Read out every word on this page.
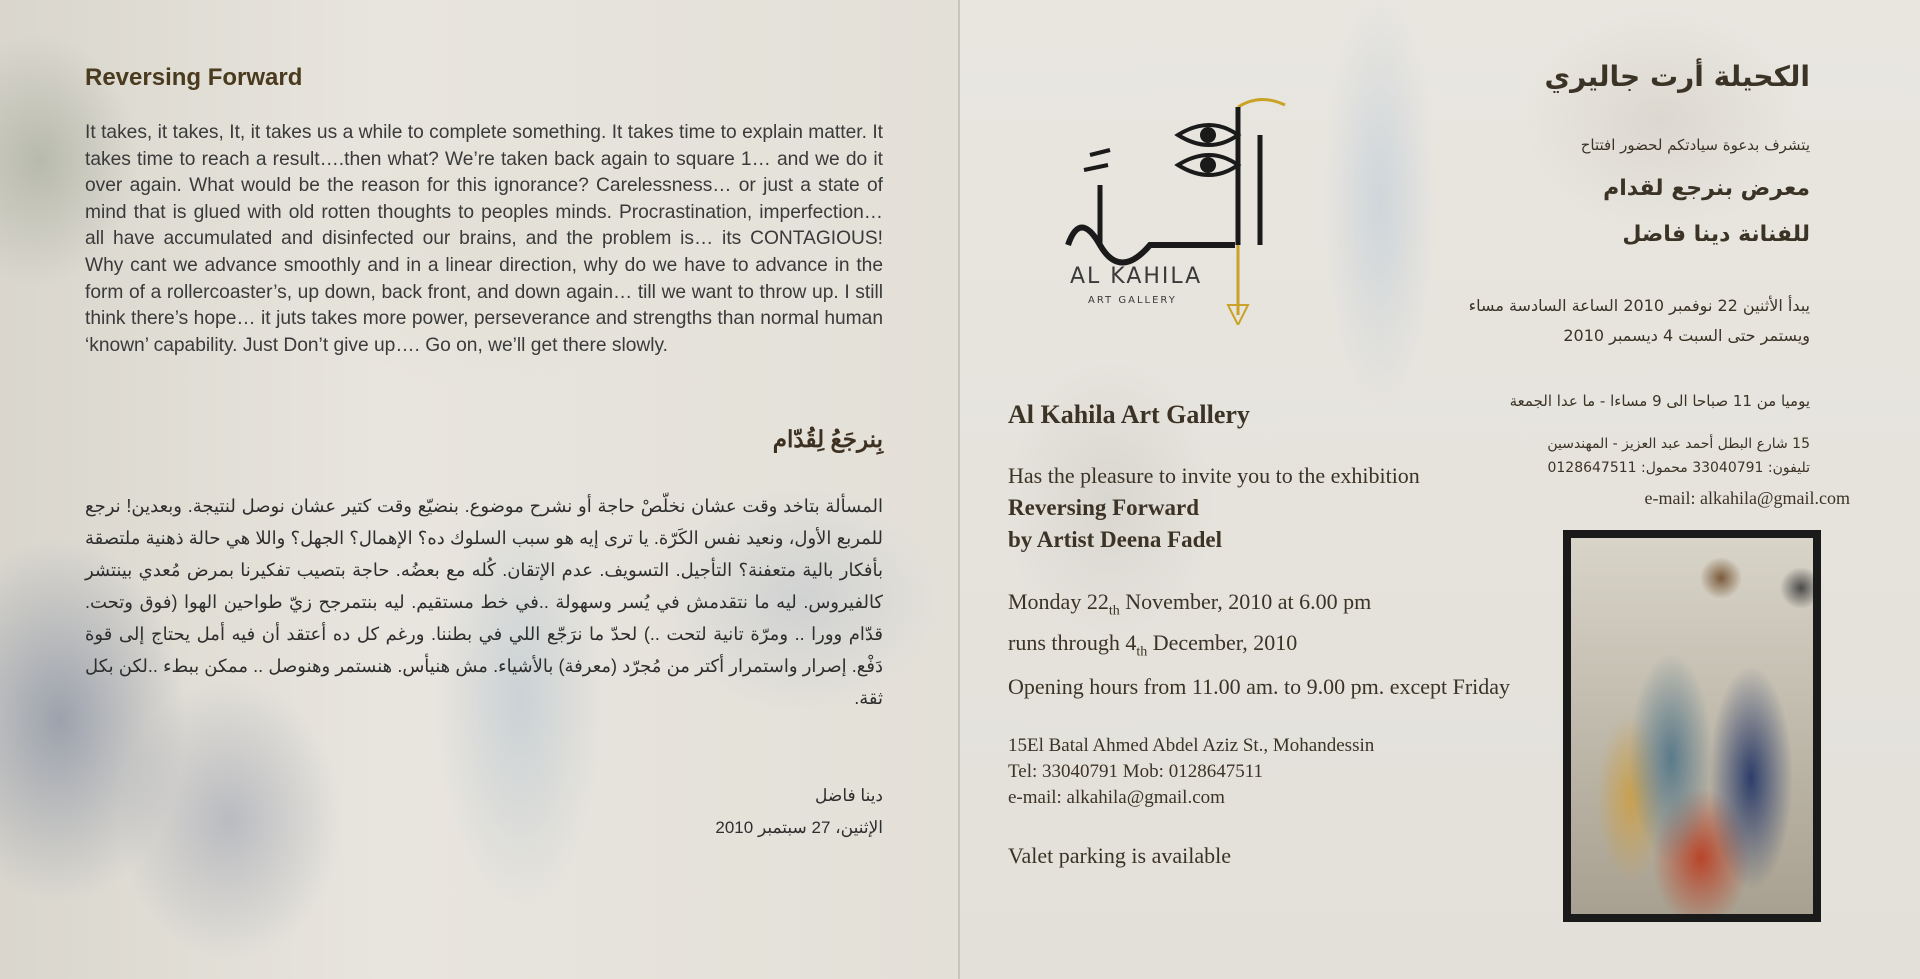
Reversing Forward
It takes, it takes, It, it takes us a while to complete something. It takes time to explain matter. It takes time to reach a result….then what? We’re taken back again to square 1… and we do it over again. What would be the reason for this ignorance? Carelessness… or just a state of mind that is glued with old rotten thoughts to peoples minds. Procrastination, imperfection… all have accumulated and disinfected our brains, and the problem is… its CONTAGIOUS! Why cant we advance smoothly and in a linear direction, why do we have to advance in the form of a rollercoaster’s, up down, back front, and down again… till we want to throw up. I still think there’s hope… it juts takes more power, perseverance and strengths than normal human ‘known’ capability. Just Don’t give up…. Go on, we’ll get there slowly.
بِنرجَعُ لِقُدّام
المسألة بتاخد وقت عشان نخلّصْ حاجة أو نشرح موضوع. بنضيّع وقت كتير عشان نوصل لنتيجة. وبعدين! نرجع للمربع الأول، ونعيد نفس الكَرّة. يا ترى إيه هو سبب السلوك ده؟ الإهمال؟ الجهل؟ واللا هي حالة ذهنية ملتصقة بأفكار بالية متعفنة؟ التأجيل. التسويف. عدم الإتقان. كُله مع بعضُه. حاجة بتصيب تفكيرنا بمرض مُعدي بينتشر كالفيروس. ليه ما نتقدمش في يُسر وسهولة ..في خط مستقيم. ليه بنتمرجح زيّ طواحين الهوا (فوق وتحت. قدّام وورا .. ومرّة تانية لتحت ..) لحدّ ما نرَجّع اللي في بطننا. ورغم كل ده أعتقد أن فيه أمل يحتاج إلى قوة دَفْع. إصرار واستمرار أكتر من مُجرّد (معرفة) بالأشياء. مش هنيأس. هنستمر وهنوصل .. ممكن ببطء ..لكن بكل ثقة.
دينا فاضل
الإثنين، 27 سبتمبر 2010
AL KAHILA
ART GALLERY
Al Kahila Art Gallery
Has the pleasure to invite you to the exhibition
Reversing Forward
by Artist Deena Fadel
Monday $22_{th}$ November, 2010 at 6.00 pm
runs through $4_{th}$ December, 2010
Opening hours from 11.00 am. to 9.00 pm. except Friday
15El Batal Ahmed Abdel Aziz St., Mohandessin
Tel: 33040791 Mob: 0128647511
e-mail: alkahila@gmail.com
Valet parking is available
الكحيلة أرت جاليري
يتشرف بدعوة سيادتكم لحضور افتتاح
معرض بنرجع لقدام
للفنانة دينا فاضل
يبدأ الأثنين 22 نوفمبر 2010 الساعة السادسة مساء
ويستمر حتى السبت 4 ديسمبر 2010
يوميا من 11 صباحا الى 9 مساءا - ما عدا الجمعة
15 شارع البطل أحمد عبد العزيز - المهندسين
تليفون: 33040791 محمول: 0128647511
e-mail: alkahila@gmail.com
